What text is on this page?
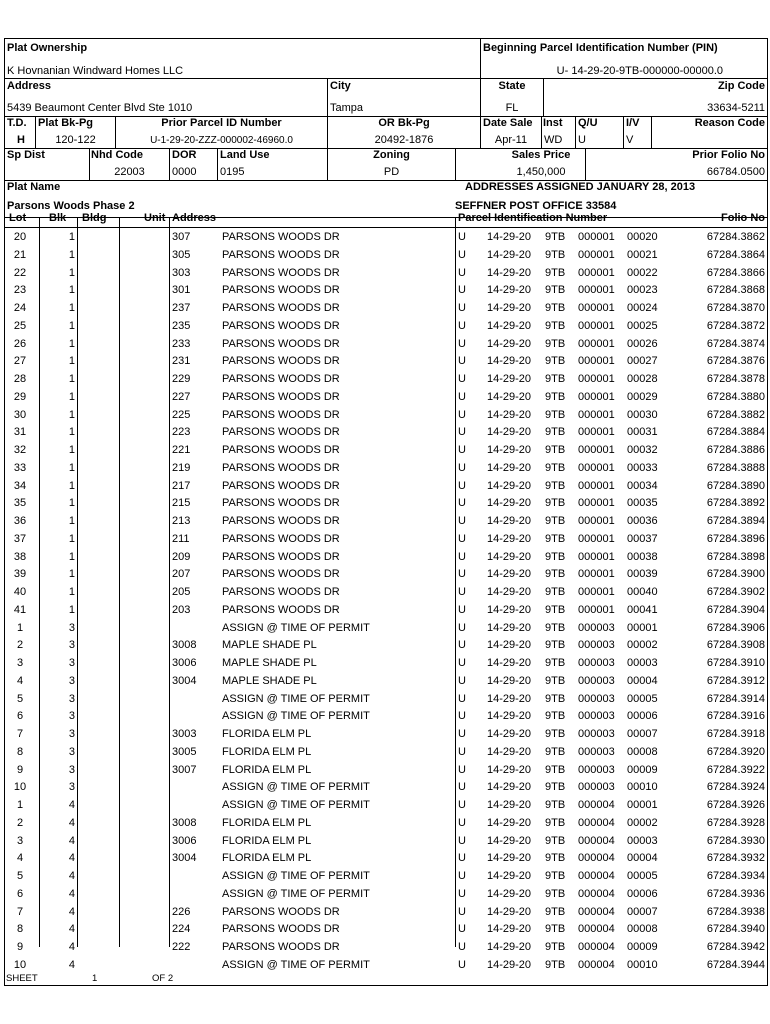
Plat Ownership
K Hovnanian Windward Homes LLC
Beginning Parcel Identification Number (PIN)
U- 14-29-20-9TB-000000-00000.0
Address
5439 Beaumont Center Blvd Ste 1010
City
Tampa
State
FL
Zip Code
33634-5211
T.D.
H
Plat Bk-Pg
120-122
Prior Parcel ID Number
U-1-29-20-ZZZ-000002-46960.0
OR Bk-Pg
20492-1876
Date Sale
Apr-11
Inst
WD
Q/U
U
I/V
V
Reason Code
Sp Dist	Nhd Code
22003
DOR
0000
Land Use
0195
Zoning
PD
Sales Price
1,450,000
Prior Folio No
66784.0500
Plat Name	ADDRESSES ASSIGNED JANUARY 28, 2013
Parsons Woods Phase 2	SEFFNER POST OFFICE 33584
Lot Blk Bldg	Unit Address	Parcel Identification Number	Folio No
20	1	307	PARSONS WOODS DR	U	14-29-20	9TB	000001	00020	67284.3862
21	1	305	PARSONS WOODS DR	U	14-29-20	9TB	000001	00021	67284.3864
22	1	303	PARSONS WOODS DR	U	14-29-20	9TB	000001	00022	67284.3866
23	1	301	PARSONS WOODS DR	U	14-29-20	9TB	000001	00023	67284.3868
24	1	237	PARSONS WOODS DR	U	14-29-20	9TB	000001	00024	67284.3870
25	1	235	PARSONS WOODS DR	U	14-29-20	9TB	000001	00025	67284.3872
26	1	233	PARSONS WOODS DR	U	14-29-20	9TB	000001	00026	67284.3874
27	1	231	PARSONS WOODS DR	U	14-29-20	9TB	000001	00027	67284.3876
28	1	229	PARSONS WOODS DR	U	14-29-20	9TB	000001	00028	67284.3878
29	1	227	PARSONS WOODS DR	U	14-29-20	9TB	000001	00029	67284.3880
30	1	225	PARSONS WOODS DR	U	14-29-20	9TB	000001	00030	67284.3882
31	1	223	PARSONS WOODS DR	U	14-29-20	9TB	000001	00031	67284.3884
32	1	221	PARSONS WOODS DR	U	14-29-20	9TB	000001	00032	67284.3886
33	1	219	PARSONS WOODS DR	U	14-29-20	9TB	000001	00033	67284.3888
34	1	217	PARSONS WOODS DR	U	14-29-20	9TB	000001	00034	67284.3890
35	1	215	PARSONS WOODS DR	U	14-29-20	9TB	000001	00035	67284.3892
36	1	213	PARSONS WOODS DR	U	14-29-20	9TB	000001	00036	67284.3894
37	1	211	PARSONS WOODS DR	U	14-29-20	9TB	000001	00037	67284.3896
38	1	209	PARSONS WOODS DR	U	14-29-20	9TB	000001	00038	67284.3898
39	1	207	PARSONS WOODS DR	U	14-29-20	9TB	000001	00039	67284.3900
40	1	205	PARSONS WOODS DR	U	14-29-20	9TB	000001	00040	67284.3902
41	1	203	PARSONS WOODS DR	U	14-29-20	9TB	000001	00041	67284.3904
1	3	ASSIGN @ TIME OF PERMIT	U	14-29-20	9TB	000003	00001	67284.3906
2	3	3008	MAPLE SHADE PL	U	14-29-20	9TB	000003	00002	67284.3908
3	3	3006	MAPLE SHADE PL	U	14-29-20	9TB	000003	00003	67284.3910
4	3	3004	MAPLE SHADE PL	U	14-29-20	9TB	000003	00004	67284.3912
5	3	ASSIGN @ TIME OF PERMIT	U	14-29-20	9TB	000003	00005	67284.3914
6	3	ASSIGN @ TIME OF PERMIT	U	14-29-20	9TB	000003	00006	67284.3916
7	3	3003	FLORIDA ELM PL	U	14-29-20	9TB	000003	00007	67284.3918
8	3	3005	FLORIDA ELM PL	U	14-29-20	9TB	000003	00008	67284.3920
9	3	3007	FLORIDA ELM PL	U	14-29-20	9TB	000003	00009	67284.3922
10	3	ASSIGN @ TIME OF PERMIT	U	14-29-20	9TB	000003	00010	67284.3924
1	4	ASSIGN @ TIME OF PERMIT	U	14-29-20	9TB	000004	00001	67284.3926
2	4	3008	FLORIDA ELM PL	U	14-29-20	9TB	000004	00002	67284.3928
3	4	3006	FLORIDA ELM PL	U	14-29-20	9TB	000004	00003	67284.3930
4	4	3004	FLORIDA ELM PL	U	14-29-20	9TB	000004	00004	67284.3932
5	4	ASSIGN @ TIME OF PERMIT	U	14-29-20	9TB	000004	00005	67284.3934
6	4	ASSIGN @ TIME OF PERMIT	U	14-29-20	9TB	000004	00006	67284.3936
7	4	226	PARSONS WOODS DR	U	14-29-20	9TB	000004	00007	67284.3938
8	4	224	PARSONS WOODS DR	U	14-29-20	9TB	000004	00008	67284.3940
9	4	222	PARSONS WOODS DR	U	14-29-20	9TB	000004	00009	67284.3942
10	4	ASSIGN @ TIME OF PERMIT	U	14-29-20	9TB	000004	00010	67284.3944
SHEET	1	OF 2
